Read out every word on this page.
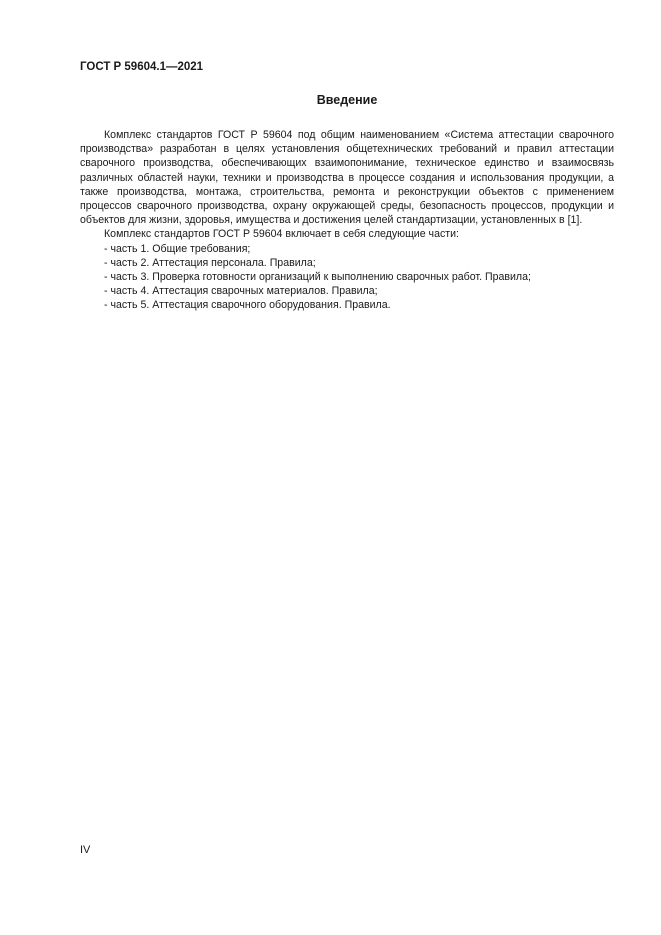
ГОСТ Р 59604.1—2021

Введение

Комплекс стандартов ГОСТ Р 59604 под общим наименованием «Система аттестации сварочного производства» разработан в целях установления общетехнических требований и правил аттестации сварочного производства, обеспечивающих взаимопонимание, техническое единство и взаимосвязь различных областей науки, техники и производства в процессе создания и использования продукции, а также производства, монтажа, строительства, ремонта и реконструкции объектов с применением процессов сварочного производства, охрану окружающей среды, безопасность процессов, продукции и объектов для жизни, здоровья, имущества и достижения целей стандартизации, установленных в [1].

Комплекс стандартов ГОСТ Р 59604 включает в себя следующие части:

- часть 1. Общие требования;
- часть 2. Аттестация персонала. Правила;
- часть 3. Проверка готовности организаций к выполнению сварочных работ. Правила;
- часть 4. Аттестация сварочных материалов. Правила;
- часть 5. Аттестация сварочного оборудования. Правила.

IV
